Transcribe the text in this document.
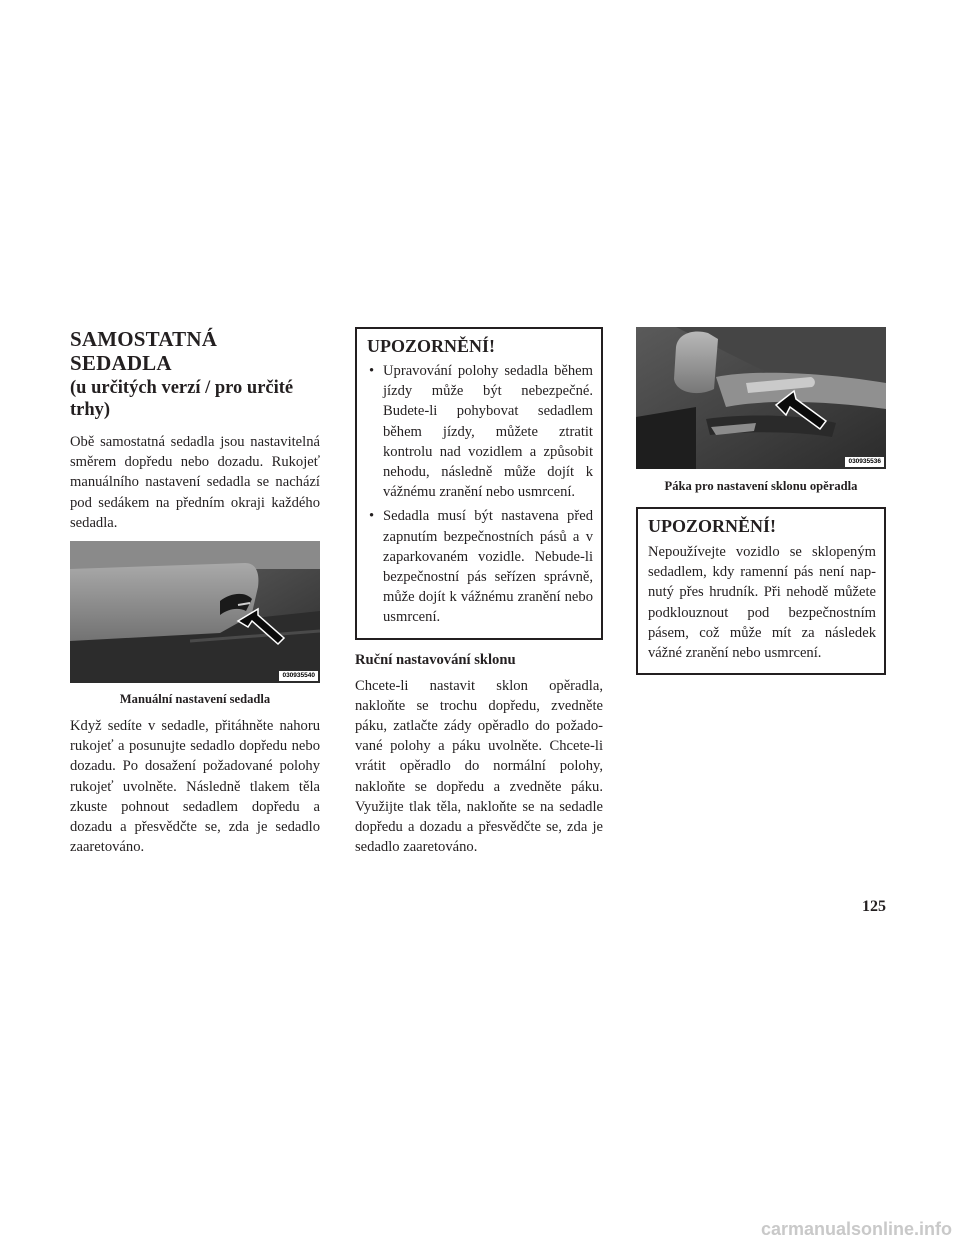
SAMOSTATNÁ SEDADLA
(u určitých verzí / pro určité trhy)

Obě samostatná sedadla jsou nastavitelná směrem dopředu nebo dozadu. Rukojeť manuálního nastavení sedadla se nachází pod sedákem na předním okraji každého sedadla.

030935540
Manuální nastavení sedadla

Když sedíte v sedadle, přitáhněte nahoru rukojeť a posunujte sedadlo dopředu nebo dozadu. Po dosažení požadované polohy rukojeť uvolněte. Následně tlakem těla zkuste pohnout sedadlem dopředu a dozadu a přesvědčte se, zda je sedadlo zaaretováno.

UPOZORNĚNÍ!
• Upravování polohy sedadla během jízdy může být nebezpečné. Budete-li pohybovat sedadlem během jízdy, můžete ztratit kontrolu nad vozidlem a způsobit nehodu, následně může dojít k vážnému zranění nebo usmrcení.
• Sedadla musí být nastavena před zapnutím bezpečnostních pásů a v zaparkovaném vozidle. Nebude-li bezpečnostní pás seřízen správně, může dojít k vážnému zranění nebo usmrcení.
Ruční nastavování sklonu

Chcete-li nastavit sklon opěradla, nakloňte se trochu dopředu, zvedněte páku, zatlačte zády opěradlo do požadované polohy a páku uvolněte. Chcete-li vrátit opěradlo do normální polohy, nakloňte se dopředu a zvedněte páku. Využijte tlak těla, nakloňte se na sedadle dopředu a dozadu a přesvědčte se, zda je sedadlo zaaretováno.

030935536
Páka pro nastavení sklonu opěradla
UPOZORNĚNÍ!

Nepoužívejte vozidlo se sklopeným sedadlem, kdy ramenní pás není napnutý přes hrudník. Při nehodě můžete podklouznout pod bezpečnostním pásem, což může mít za následek vážné zranění nebo usmrcení.

125
carmanualsonline.info
